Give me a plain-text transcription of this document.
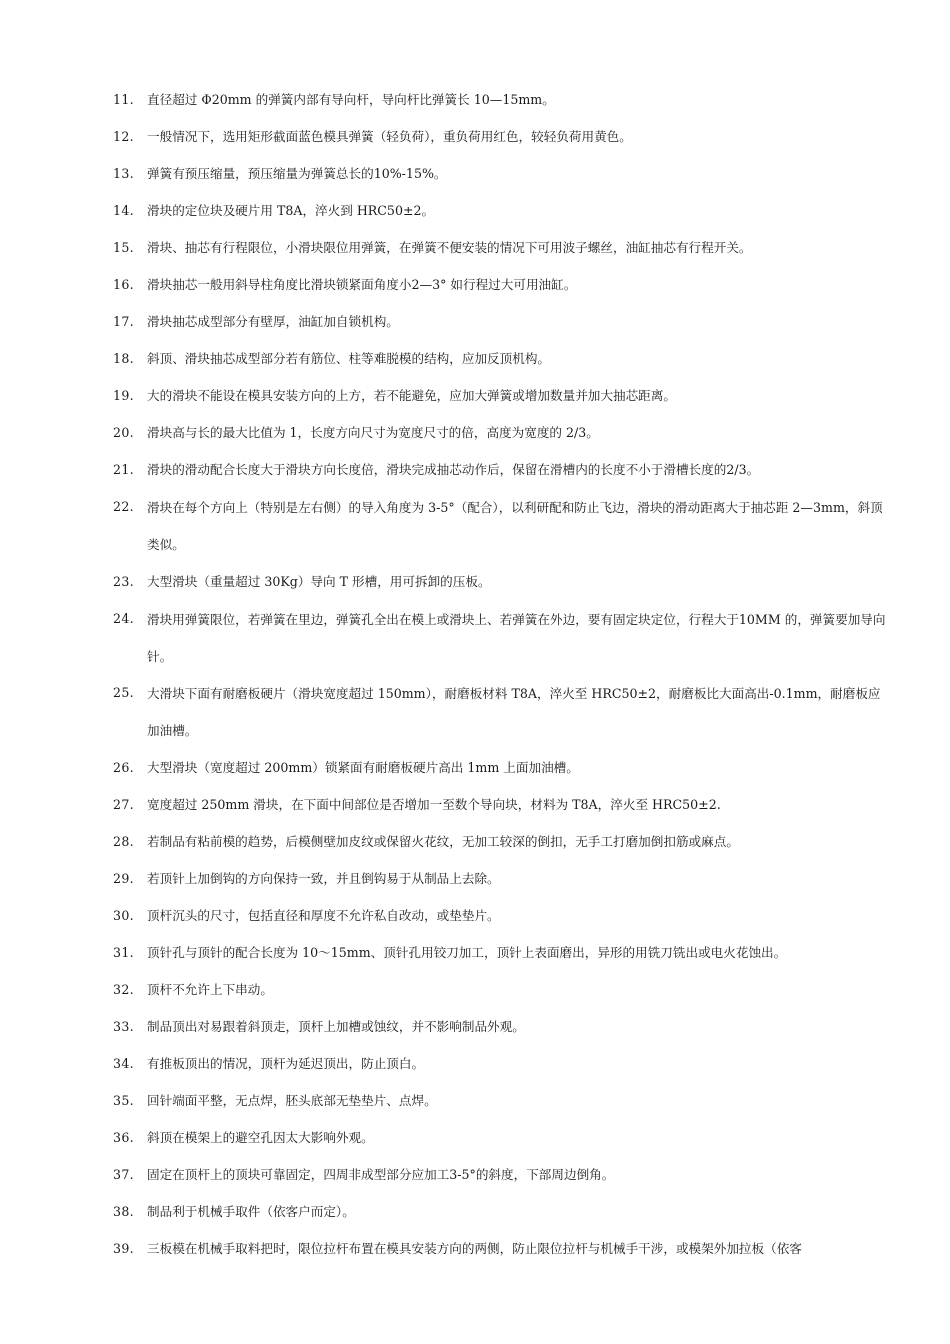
11.	直径超过 Φ20mm 的弹簧内部有导向杆，导向杆比弹簧长 10—15mm。
12.	一般情况下，选用矩形截面蓝色模具弹簧（轻负荷），重负荷用红色，较轻负荷用黄色。
13.	弹簧有预压缩量，预压缩量为弹簧总长的10%-15%。
14.	滑块的定位块及硬片用 T8A，淬火到 HRC50±2。
15.	滑块、抽芯有行程限位，小滑块限位用弹簧，在弹簧不便安装的情况下可用波子螺丝，油缸抽芯有行程开关。
16.	滑块抽芯一般用斜导柱角度比滑块锁紧面角度小2—3° 如行程过大可用油缸。
17.	滑块抽芯成型部分有壁厚，油缸加自锁机构。
18.	斜顶、滑块抽芯成型部分若有筋位、柱等难脱模的结构，应加反顶机构。
19.	大的滑块不能设在模具安装方向的上方，若不能避免，应加大弹簧或增加数量并加大抽芯距离。
20.	滑块高与长的最大比值为 1，长度方向尺寸为宽度尺寸的倍，高度为宽度的 2/3。
21.	滑块的滑动配合长度大于滑块方向长度倍，滑块完成抽芯动作后，保留在滑槽内的长度不小于滑槽长度的2/3。
22.	滑块在每个方向上（特别是左右侧）的导入角度为 3-5°（配合），以利研配和防止飞边，滑块的滑动距离大于抽芯距 2—3mm，斜顶类似。
23.	大型滑块（重量超过 30Kg）导向 T 形槽，用可拆卸的压板。
24.	滑块用弹簧限位，若弹簧在里边，弹簧孔全出在模上或滑块上、若弹簧在外边，要有固定块定位，行程大于10MM 的，弹簧要加导向针。
25.	大滑块下面有耐磨板硬片（滑块宽度超过 150mm），耐磨板材料 T8A，淬火至 HRC50±2，耐磨板比大面高出-0.1mm，耐磨板应加油槽。
26.	大型滑块（宽度超过 200mm）锁紧面有耐磨板硬片高出 1mm 上面加油槽。
27.	宽度超过 250mm 滑块，在下面中间部位是否增加一至数个导向块，材料为 T8A，淬火至 HRC50±2.
28.	若制品有粘前模的趋势，后模侧壁加皮纹或保留火花纹，无加工较深的倒扣，无手工打磨加倒扣筋或麻点。
29.	若顶针上加倒钩的方向保持一致，并且倒钩易于从制品上去除。
30.	顶杆沉头的尺寸，包括直径和厚度不允许私自改动，或垫垫片。
31.	顶针孔与顶针的配合长度为 10～15mm、顶针孔用铰刀加工，顶针上表面磨出，异形的用铣刀铣出或电火花蚀出。
32.	顶杆不允许上下串动。
33.	制品顶出对易跟着斜顶走，顶杆上加槽或蚀纹，并不影响制品外观。
34.	有推板顶出的情况，顶杆为延迟顶出，防止顶白。
35.	回针端面平整，无点焊，胚头底部无垫垫片、点焊。
36.	斜顶在模架上的避空孔因太大影响外观。
37.	固定在顶杆上的顶块可靠固定，四周非成型部分应加工3-5°的斜度，下部周边倒角。
38.	制品利于机械手取件（依客户而定）。
39.	三板模在机械手取料把时，限位拉杆布置在模具安装方向的两侧，防止限位拉杆与机械手干涉，或模架外加拉板（依客
